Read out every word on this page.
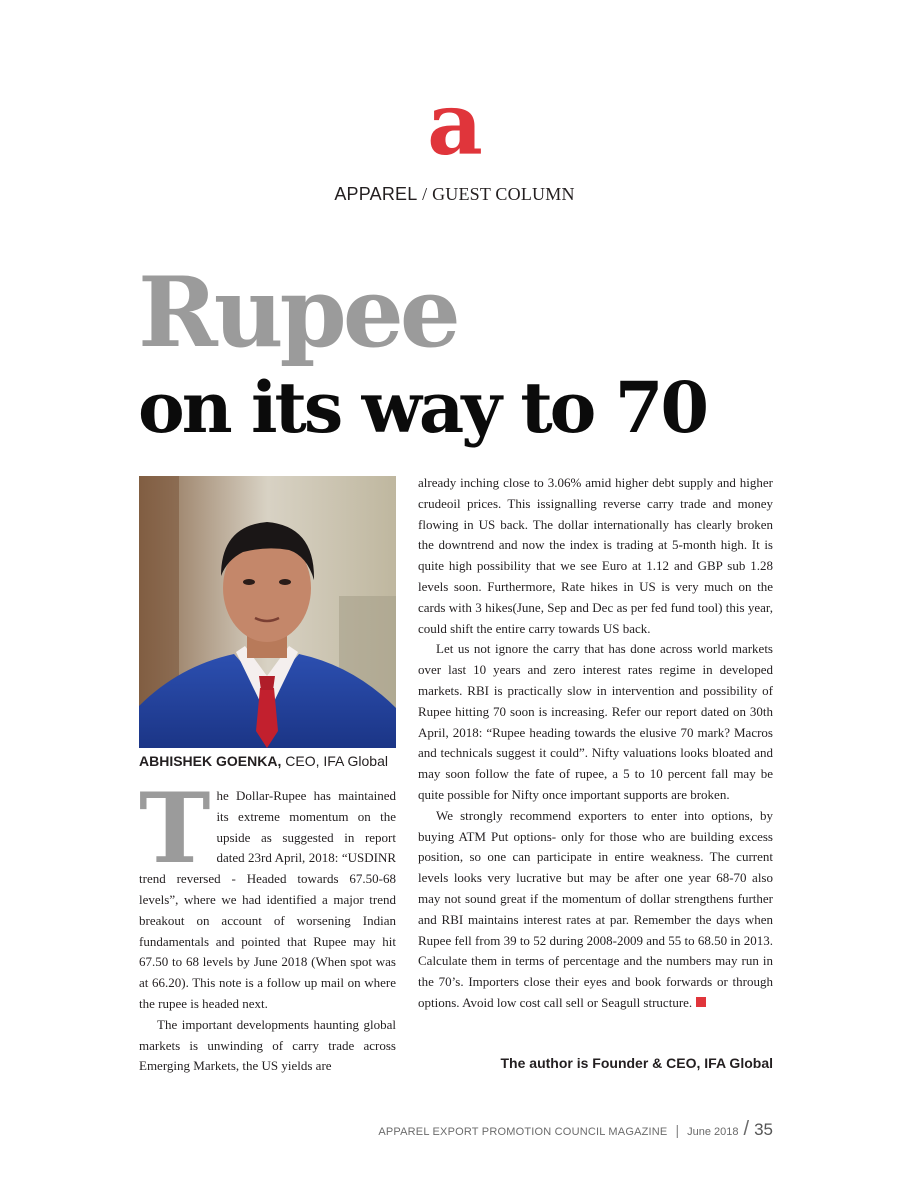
a
APPAREL / GUEST COLUMN
Rupee
on its way to 70
ABHISHEK GOENKA, CEO, IFA Global

The Dollar-Rupee has maintained its extreme momentum on the upside as suggested in report dated 23rd April, 2018: “USDINR trend reversed - Headed towards 67.50-68 levels”, where we had identified a major trend breakout on account of worsening Indian fundamentals and pointed that Rupee may hit 67.50 to 68 levels by June 2018 (When spot was at 66.20). This note is a follow up mail on where the rupee is headed next.

The important developments haunting global markets is unwinding of carry trade across Emerging Markets, the US yields are

already inching close to 3.06% amid higher debt supply and higher crudeoil prices. This issignalling reverse carry trade and money flowing in US back. The dollar internationally has clearly broken the downtrend and now the index is trading at 5-month high. It is quite high possibility that we see Euro at 1.12 and GBP sub 1.28 levels soon. Furthermore, Rate hikes in US is very much on the cards with 3 hikes(June, Sep and Dec as per fed fund tool) this year, could shift the entire carry towards US back.

Let us not ignore the carry that has done across world markets over last 10 years and zero interest rates regime in developed markets. RBI is practically slow in intervention and possibility of Rupee hitting 70 soon is increasing. Refer our report dated on 30th April, 2018: “Rupee heading towards the elusive 70 mark? Macros and technicals suggest it could”. Nifty valuations looks bloated and may soon follow the fate of rupee, a 5 to 10 percent fall may be quite possible for Nifty once important supports are broken.

We strongly recommend exporters to enter into options, by buying ATM Put options- only for those who are building excess position, so one can participate in entire weakness. The current levels looks very lucrative but may be after one year 68-70 also may not sound great if the momentum of dollar strengthens further and RBI maintains interest rates at par. Remember the days when Rupee fell from 39 to 52 during 2008-2009 and 55 to 68.50 in 2013. Calculate them in terms of percentage and the numbers may run in the 70’s. Importers close their eyes and book forwards or through options. Avoid low cost call sell or Seagull structure.

The author is Founder & CEO, IFA Global
APPAREL EXPORT PROMOTION COUNCIL MAGAZINE | June 2018 / 35
